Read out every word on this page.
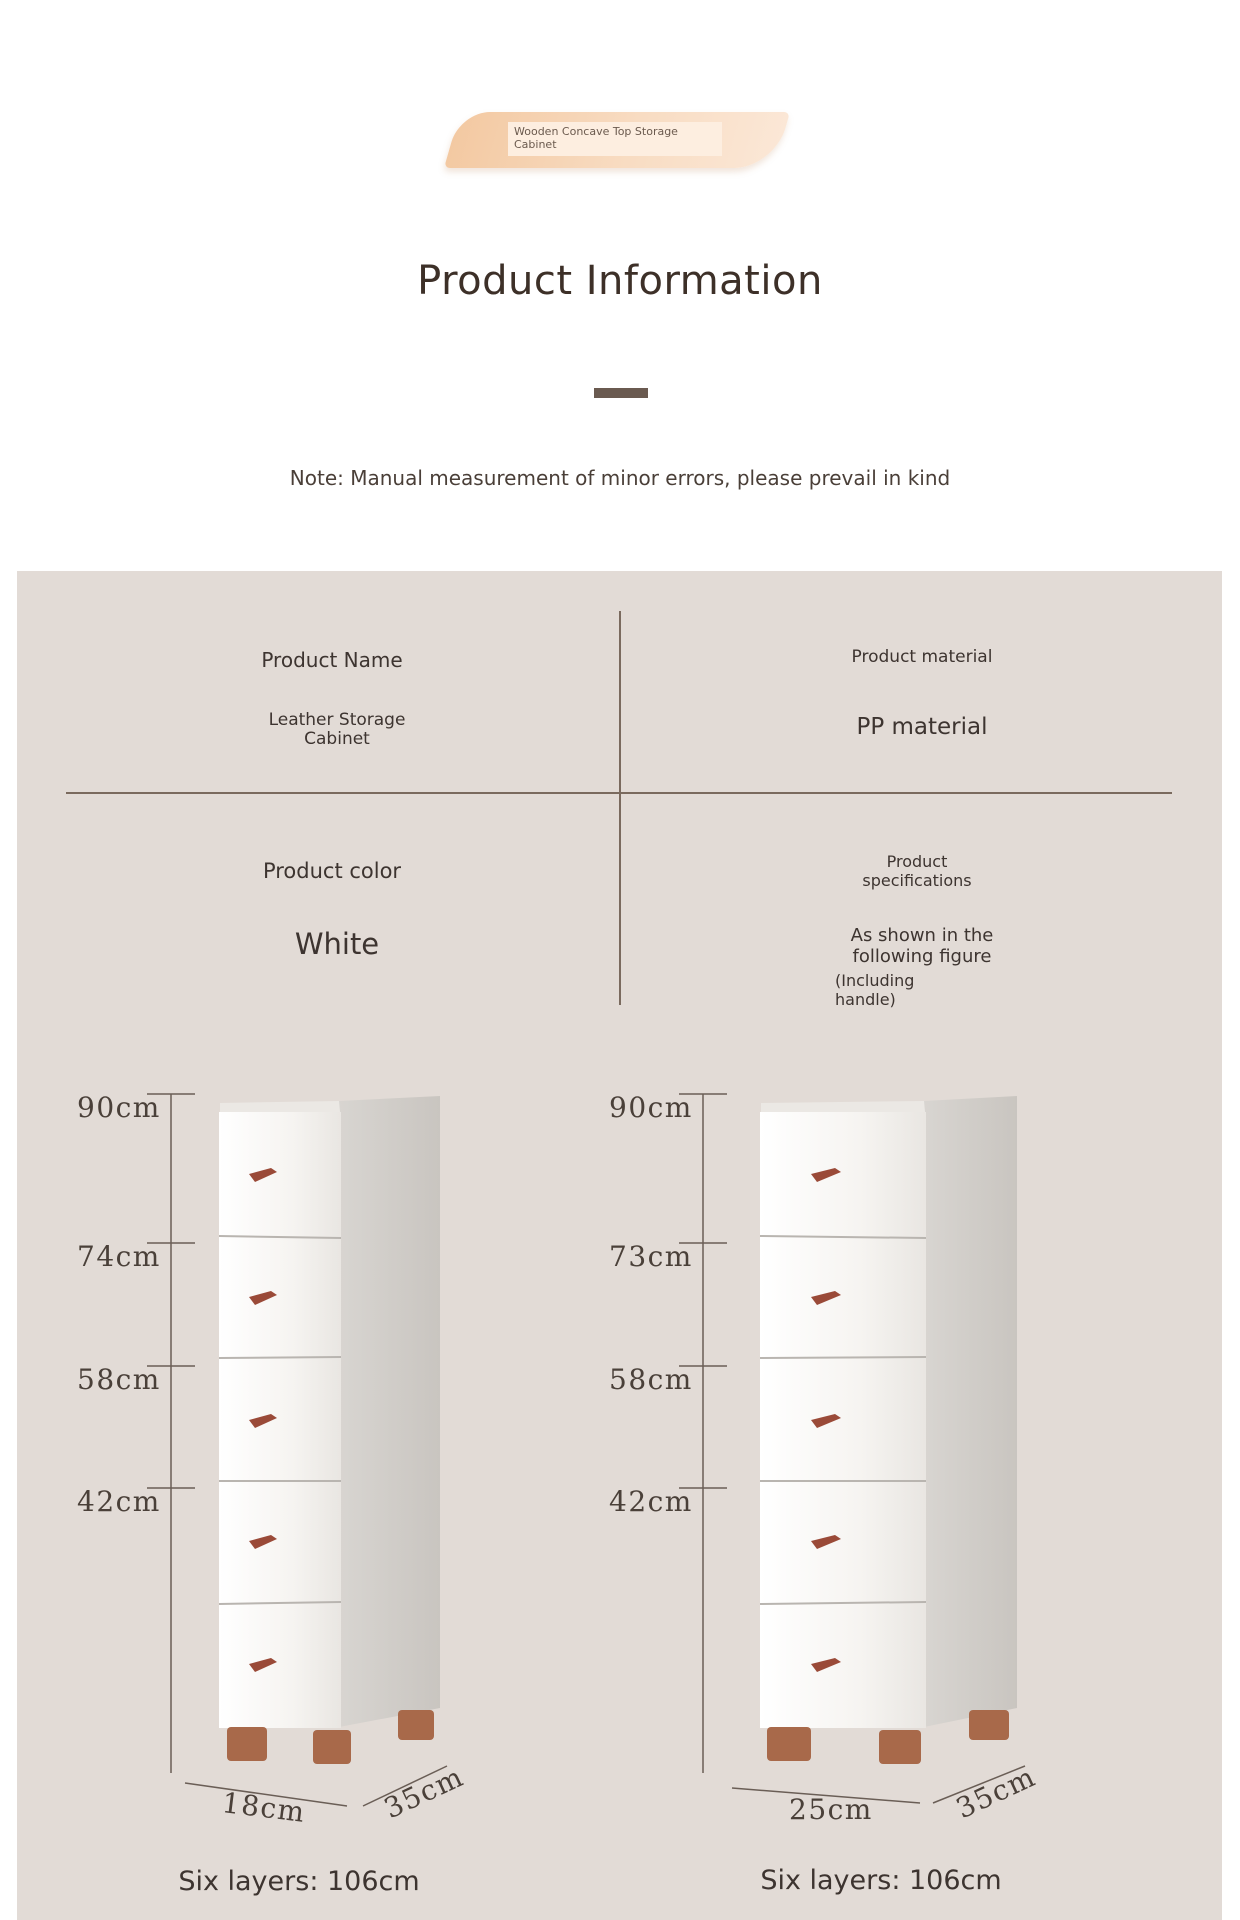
Wooden Concave Top Storage Cabinet
Product Information
Note: Manual measurement of minor errors, please prevail in kind
Product Name
Leather Storage Cabinet
Product material
PP material
Product color
White
Product specifications
As shown in the following figure
(Including handle)
90cm
74cm
58cm
42cm
18cm	35cm
Six layers: 106cm
90cm
73cm
58cm
42cm
25cm	35cm
Six layers: 106cm
